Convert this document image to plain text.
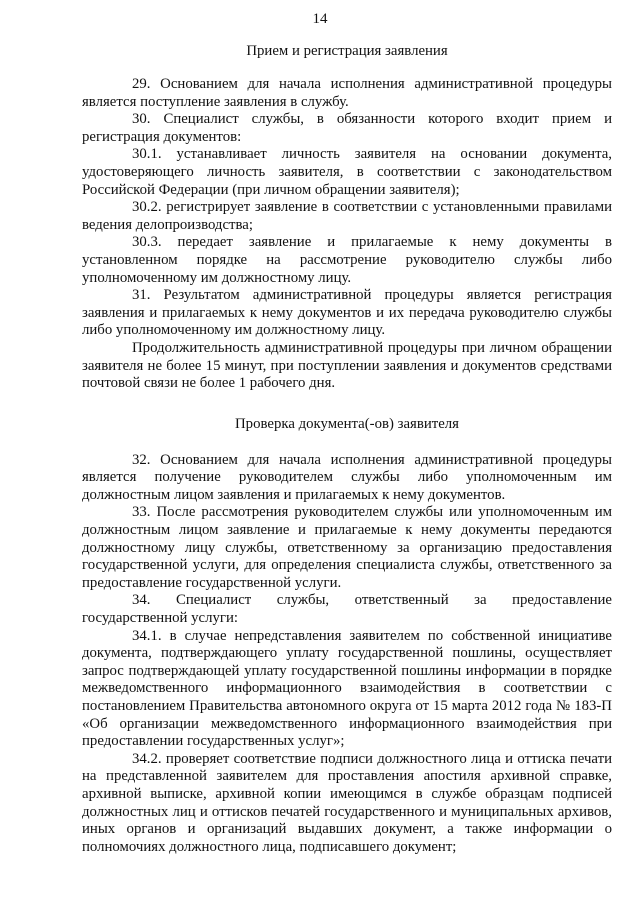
14
Прием и регистрация заявления

29. Основанием для начала исполнения административной процедуры является поступление заявления в службу.

30. Специалист службы, в обязанности которого входит прием и регистрация документов:

30.1. устанавливает личность заявителя на основании документа, удостоверяющего личность заявителя, в соответствии с законодательством Российской Федерации (при личном обращении заявителя);

30.2. регистрирует заявление в соответствии с установленными правилами ведения делопроизводства;

30.3. передает заявление и прилагаемые к нему документы в установленном порядке на рассмотрение руководителю службы либо уполномоченному им должностному лицу.

31. Результатом административной процедуры является регистрация заявления и прилагаемых к нему документов и их передача руководителю службы либо уполномоченному им должностному лицу.

Продолжительность административной процедуры при личном обращении заявителя не более 15 минут, при поступлении заявления и документов средствами почтовой связи не более 1 рабочего дня.

Проверка документа(-ов) заявителя

32. Основанием для начала исполнения административной процедуры является получение руководителем службы либо уполномоченным им должностным лицом заявления и прилагаемых к нему документов.

33. После рассмотрения руководителем службы или уполномоченным им должностным лицом заявление и прилагаемые к нему документы передаются должностному лицу службы, ответственному за организацию предоставления государственной услуги, для определения специалиста службы, ответственного за предоставление государственной услуги.

34. Специалист службы, ответственный за предоставление государственной услуги:

34.1. в случае непредставления заявителем по собственной инициативе документа, подтверждающего уплату государственной пошлины, осуществляет запрос подтверждающей уплату государственной пошлины информации в порядке межведомственного информационного взаимодействия в соответствии с постановлением Правительства автономного округа от 15 марта 2012 года № 183-П «Об организации межведомственного информационного взаимодействия при предоставлении государственных услуг»;

34.2. проверяет соответствие подписи должностного лица и оттиска печати на представленной заявителем для проставления апостиля архивной справке, архивной выписке, архивной копии имеющимся в службе образцам подписей должностных лиц и оттисков печатей государственного и муниципальных архивов, иных органов и организаций выдавших документ, а также информации о полномочиях должностного лица, подписавшего документ;
